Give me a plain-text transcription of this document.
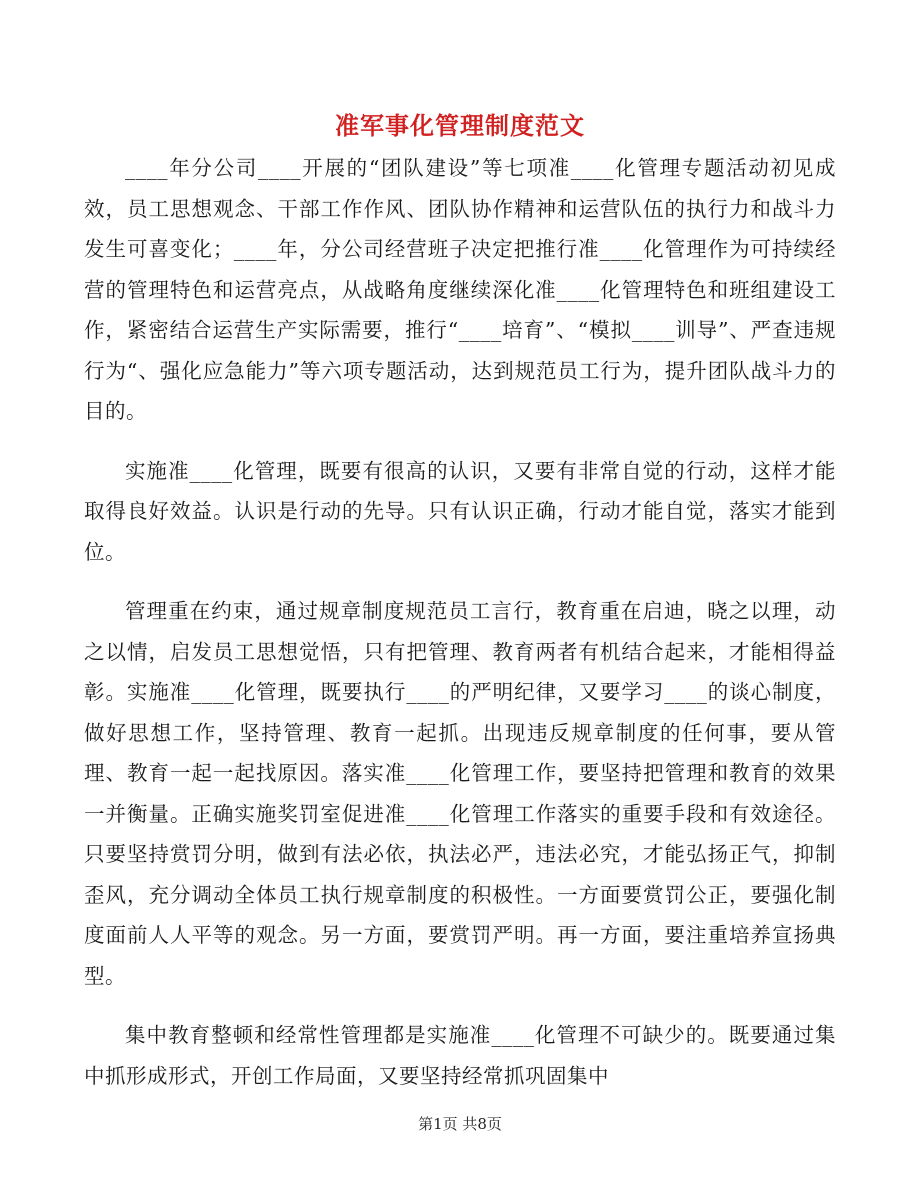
准军事化管理制度范文

____年分公司____开展的“团队建设”等七项准____化管理专题活动初见成效，员工思想观念、干部工作作风、团队协作精神和运营队伍的执行力和战斗力发生可喜变化；____年，分公司经营班子决定把推行准____化管理作为可持续经营的管理特色和运营亮点，从战略角度继续深化准____化管理特色和班组建设工作，紧密结合运营生产实际需要，推行“____培育”、“模拟____训导”、严查违规行为“、强化应急能力”等六项专题活动，达到规范员工行为，提升团队战斗力的目的。

实施准____化管理，既要有很高的认识，又要有非常自觉的行动，这样才能取得良好效益。认识是行动的先导。只有认识正确，行动才能自觉，落实才能到位。

管理重在约束，通过规章制度规范员工言行，教育重在启迪，晓之以理，动之以情，启发员工思想觉悟，只有把管理、教育两者有机结合起来，才能相得益彰。实施准____化管理，既要执行____的严明纪律，又要学习____的谈心制度，做好思想工作，坚持管理、教育一起抓。出现违反规章制度的任何事，要从管理、教育一起一起找原因。落实准____化管理工作，要坚持把管理和教育的效果一并衡量。正确实施奖罚室促进准____化管理工作落实的重要手段和有效途径。只要坚持赏罚分明，做到有法必依，执法必严，违法必究，才能弘扬正气，抑制歪风，充分调动全体员工执行规章制度的积极性。一方面要赏罚公正，要强化制度面前人人平等的观念。另一方面，要赏罚严明。再一方面，要注重培养宣扬典型。

集中教育整顿和经常性管理都是实施准____化管理不可缺少的。既要通过集中抓形成形式，开创工作局面，又要坚持经常抓巩固集中

第1页 共8页
